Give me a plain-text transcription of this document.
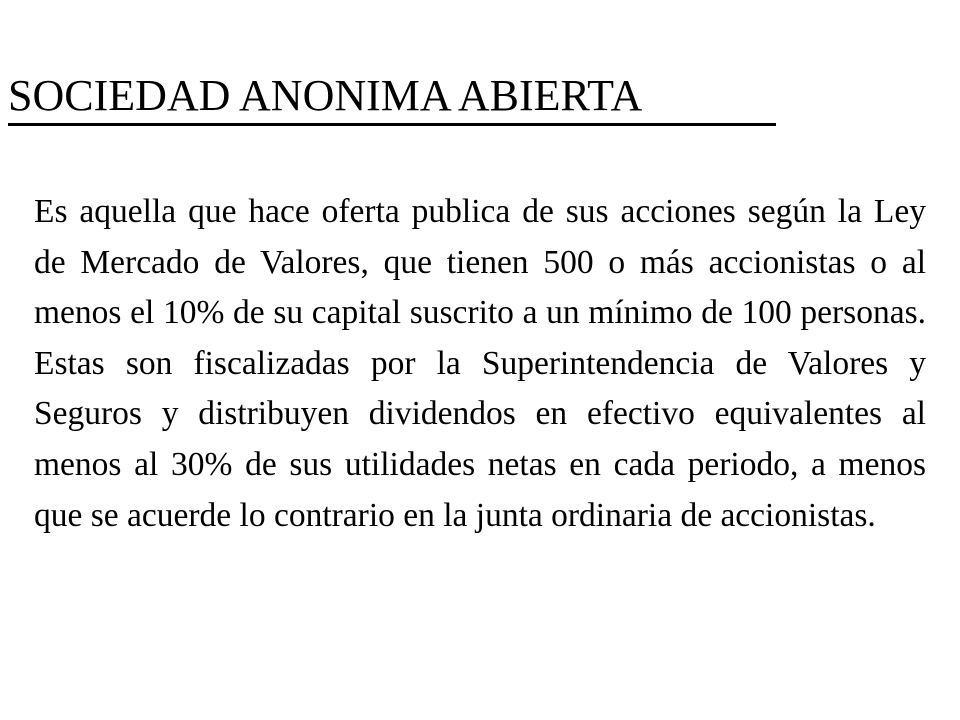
SOCIEDAD ANONIMA ABIERTA

Es aquella que hace oferta publica de sus acciones según la Ley de Mercado de Valores, que tienen 500 o más accionistas o al menos el 10% de su capital suscrito a un mínimo de 100 personas. Estas son fiscalizadas por la Superintendencia de Valores y Seguros y distribuyen dividendos en efectivo equivalentes al menos al 30% de sus utilidades netas en cada periodo, a menos que se acuerde lo contrario en la junta ordinaria de accionistas.
